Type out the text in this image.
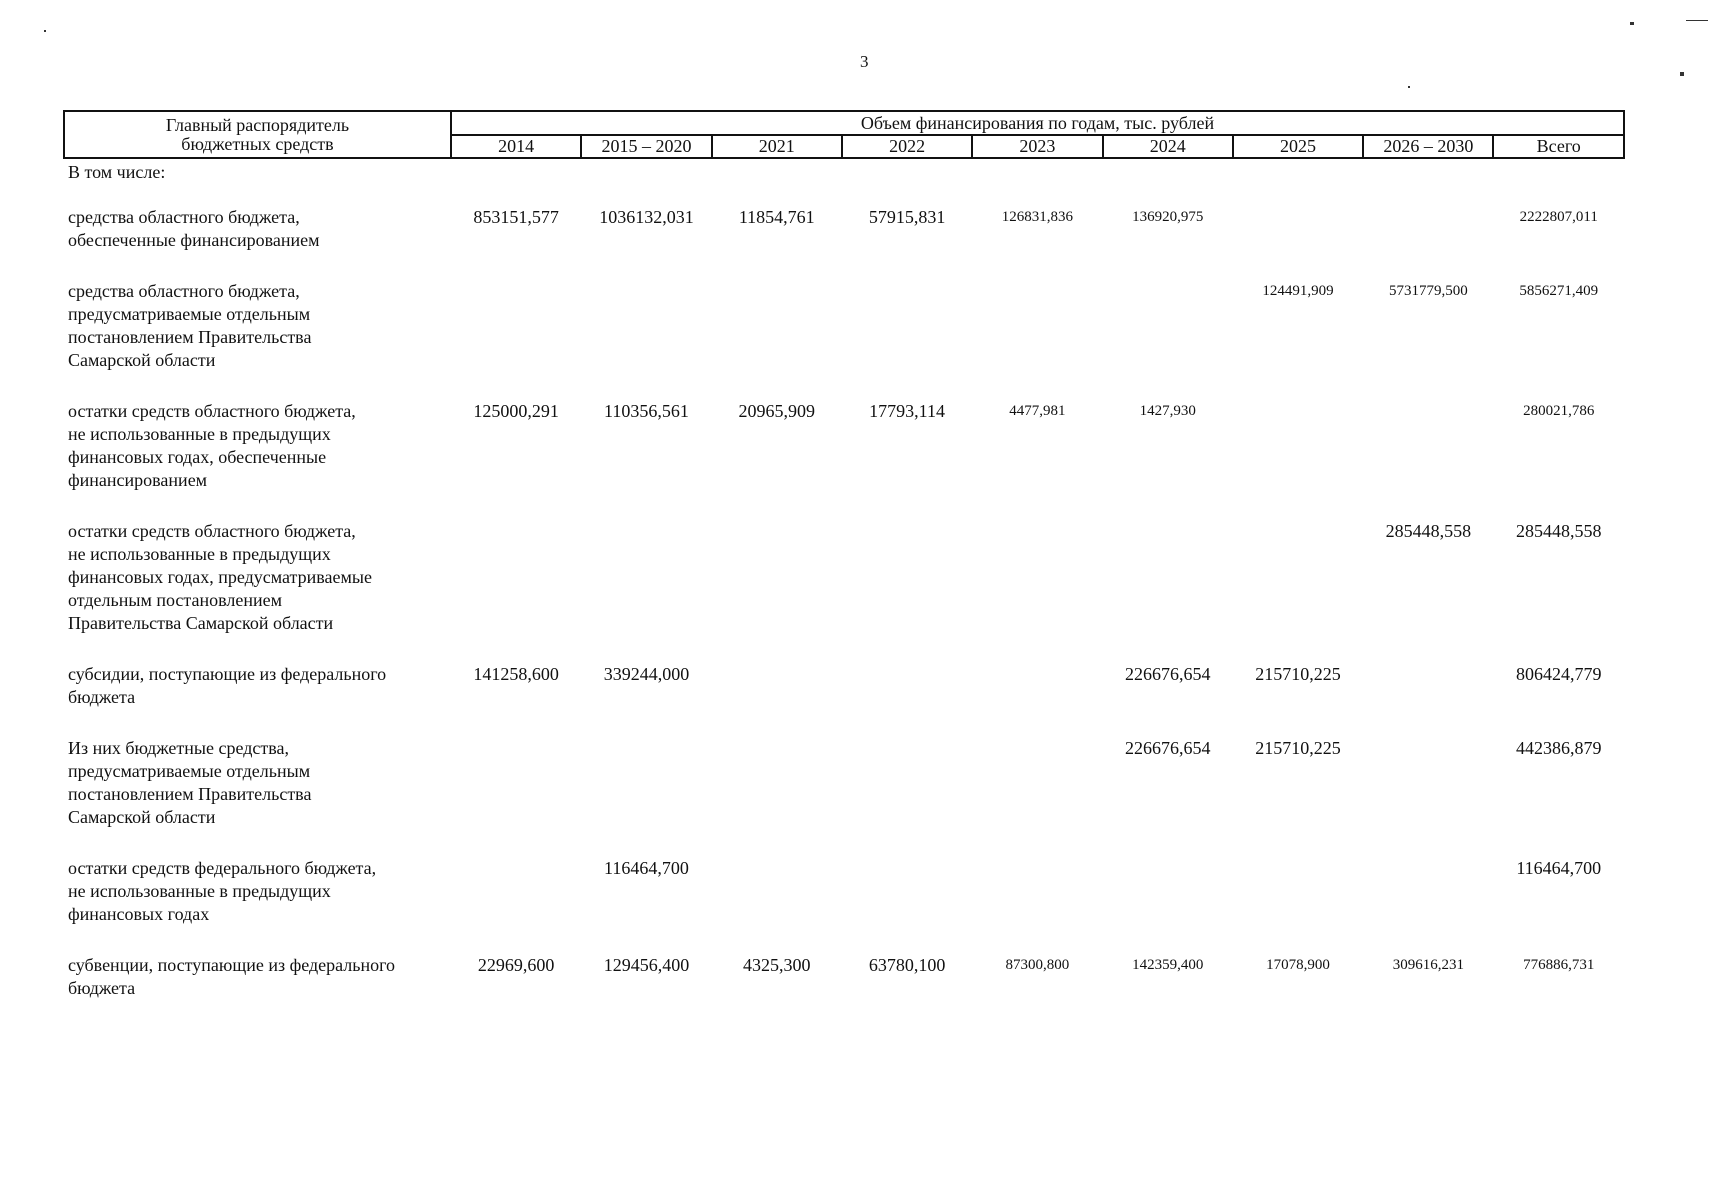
3
Главный распорядитель
бюджетных средств	Объем финансирования по годам, тыс. рублей								
	2014	2015 – 2020	2021	2022	2023	2024	2025	2026 – 2030	Всего
В том числе:									

средства областного бюджета,
обеспеченные финансированием	853151,577	1036132,031	11854,761	57915,831	126831,836	136920,975			2222807,011

средства областного бюджета,
предусматриваемые отдельным
постановлением Правительства
Самарской области							124491,909	5731779,500	5856271,409

остатки средств областного бюджета,
не использованные в предыдущих
финансовых годах, обеспеченные
финансированием	125000,291	110356,561	20965,909	17793,114	4477,981	1427,930			280021,786

остатки средств областного бюджета,
не использованные в предыдущих
финансовых годах, предусматриваемые
отдельным постановлением
Правительства Самарской области								285448,558	285448,558

субсидии, поступающие из федерального
бюджета	141258,600	339244,000				226676,654	215710,225		806424,779

Из них бюджетные средства,
предусматриваемые отдельным
постановлением Правительства
Самарской области						226676,654	215710,225		442386,879

остатки средств федерального бюджета,
не использованные в предыдущих
финансовых годах		116464,700							116464,700

субвенции, поступающие из федерального
бюджета	22969,600	129456,400	4325,300	63780,100	87300,800	142359,400	17078,900	309616,231	776886,731
